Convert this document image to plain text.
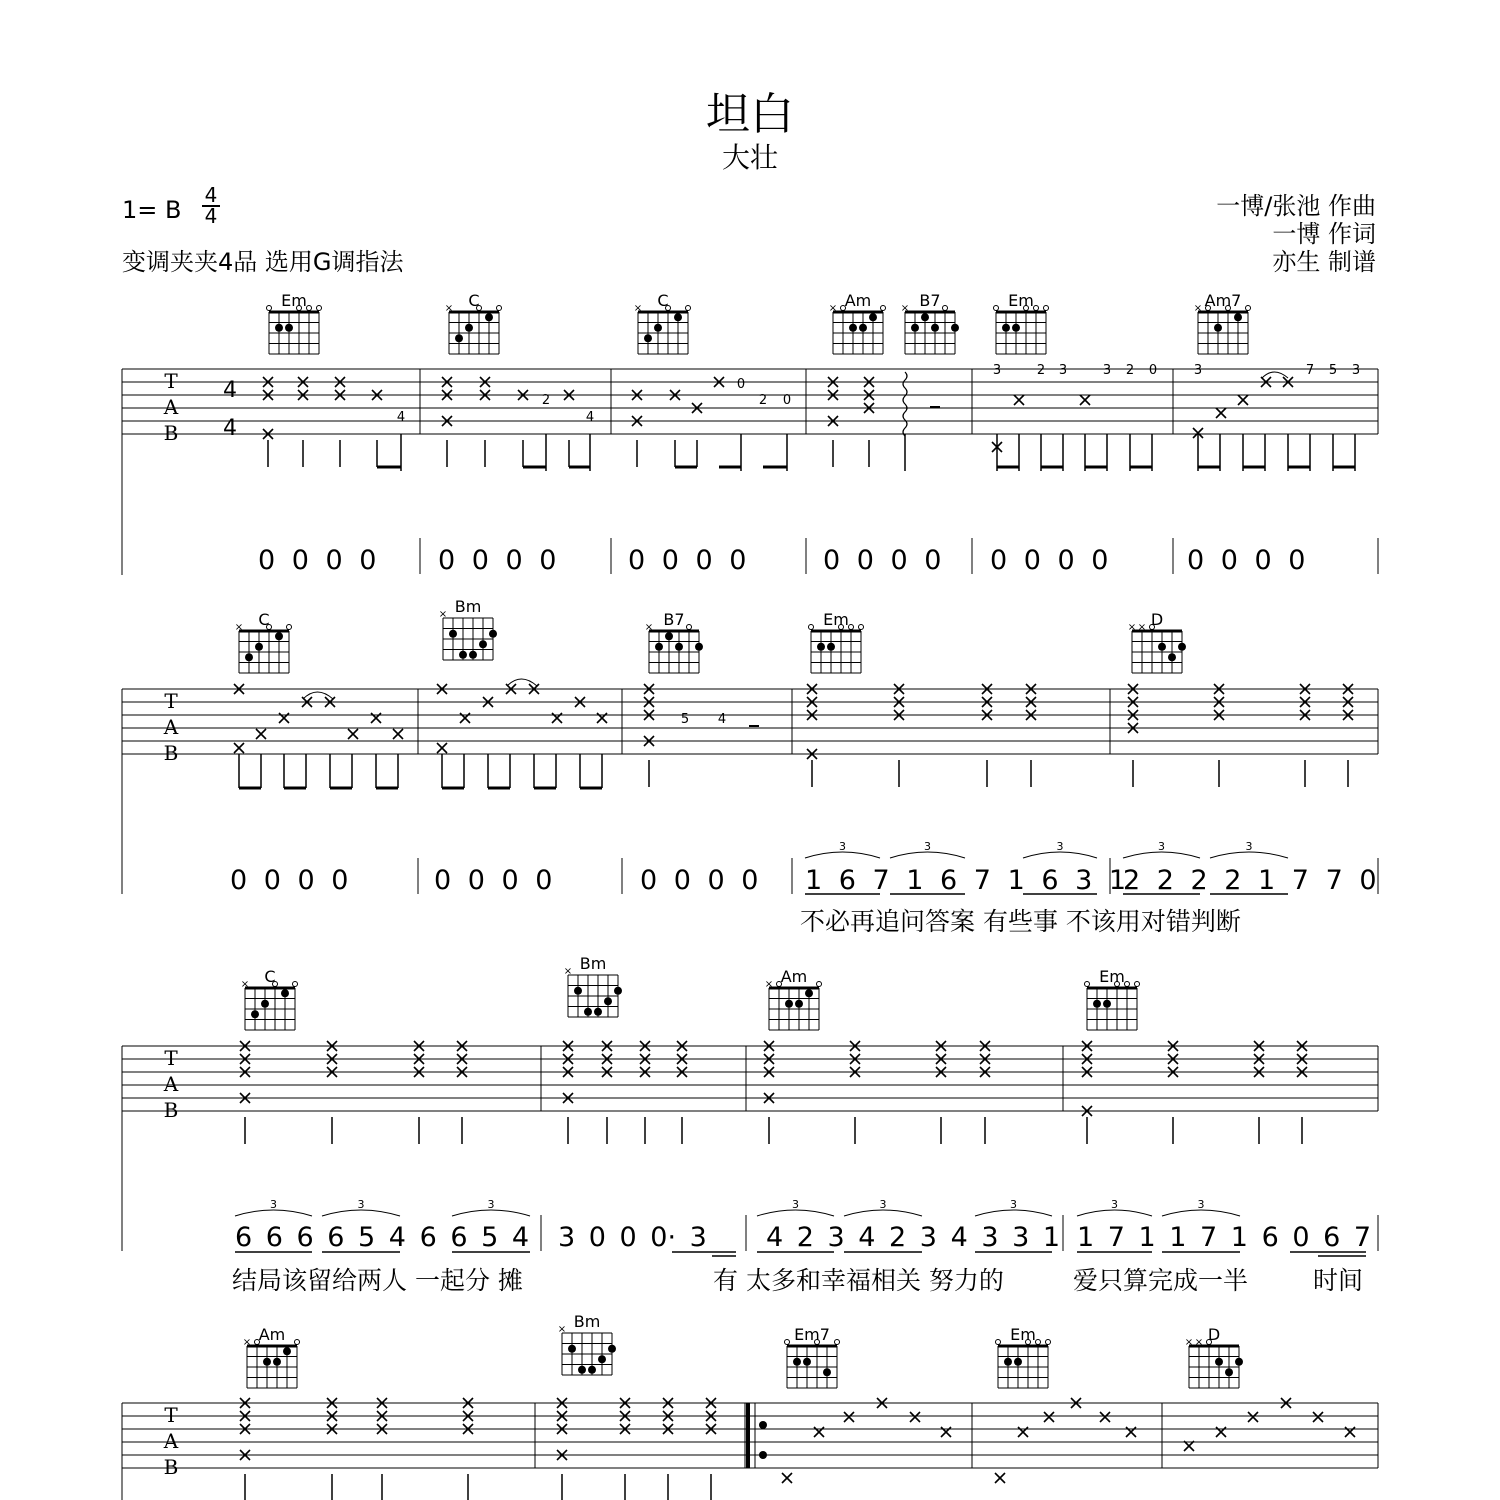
坦白
大壮
1= B
4
4
变调夹夹4品 选用G调指法
一博/张池 作曲
一博 作词
亦生 制谱
不必再追问答案 有些事 不该用对错判断
结局该留给两人 一起分 摊	有 太多和幸福相关 努力的	爱只算完成一半	时间
T
A
B
T
A
B
T
A
B
T
A
B
4
4	4
2
4
0
2 0
3	2 3	3 2 0	3	7 5 3
5 4
Em	C
×	C
×	Am
×	B7
×	Em	Am7
×
C
×
Bm
×	B7
×	Em	D
× ×
C
×
Bm
×	Am
×	Em
Am
×
Bm
×	Em7	Em	D
× ×
0 0 0 0 0 0 0 0	0 0 0 0	0 0 0 0 0 0 0 0	0 0 0 0
0 0 0 0	0 0 0 0	0 0 0 0 1 6 7 1 6 7 1 6 3 1
2 2 2 2 1 7 7 0
6 6 6 6 5 4 6 6 5 4 3 0 0 0· 3 4 2 3 4 2 3 4 3 3 1 1 7 1 1 7 1 6 0 6 7
3	3	3	3	3
3	3	3	3	3	3	3	3
